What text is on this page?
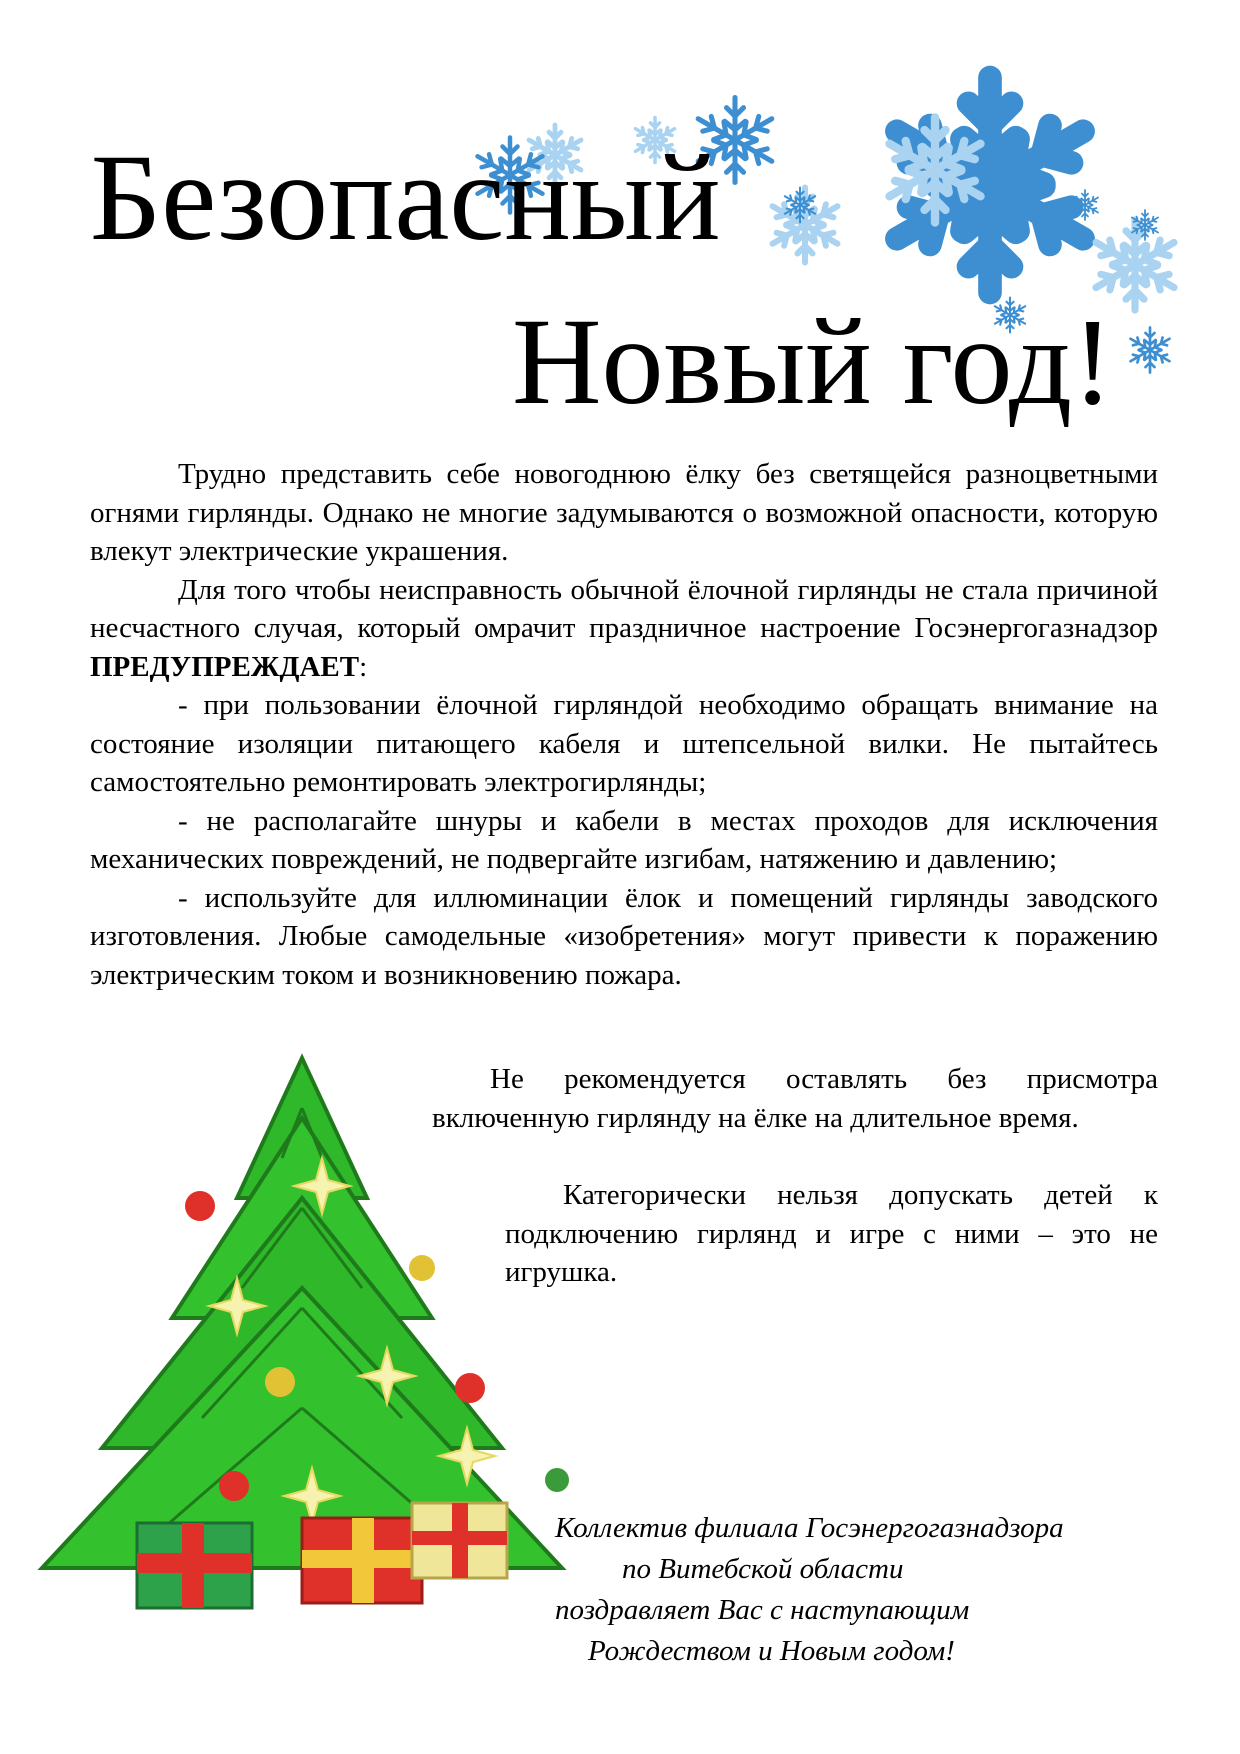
Безопасный
Новый год!

Трудно представить себе новогоднюю ёлку без светящейся разноцветными огнями гирлянды. Однако не многие задумываются о возможной опасности, которую влекут электрические украшения.

Для того чтобы неисправность обычной ёлочной гирлянды не стала причиной несчастного случая, который омрачит праздничное настроение Госэнергогазнадзор ПРЕДУПРЕЖДАЕТ:

- при пользовании ёлочной гирляндой необходимо обращать внимание на состояние изоляции питающего кабеля и штепсельной вилки. Не пытайтесь самостоятельно ремонтировать электрогирлянды;

- не располагайте шнуры и кабели в местах проходов для исключения механических повреждений, не подвергайте изгибам, натяжению и давлению;

- используйте для иллюминации ёлок и помещений гирлянды заводского изготовления. Любые самодельные «изобретения» могут привести к поражению электрическим током и возникновению пожара.

Не рекомендуется оставлять без присмотра включенную гирлянду на ёлке на длительное время.

Категорически нельзя допускать детей к подключению гирлянд и игре с ними – это не игрушка.

Коллектив филиала Госэнергогазнадзора
по Витебской области
поздравляет Вас с наступающим
Рождеством и Новым годом!
